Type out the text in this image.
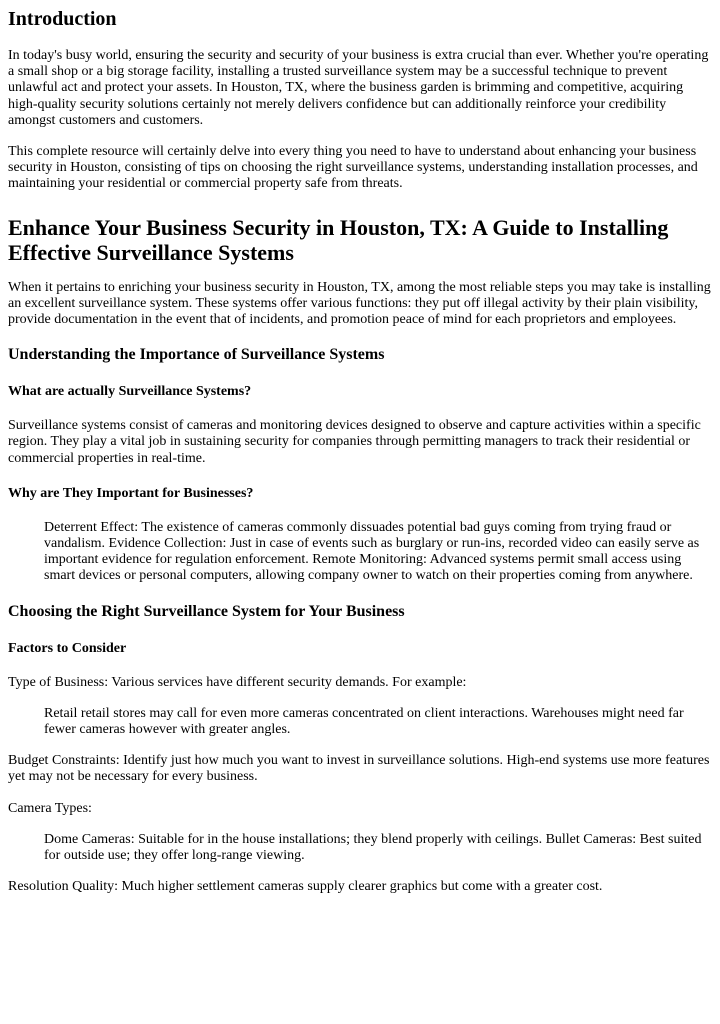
Introduction

In today's busy world, ensuring the security and security of your business is extra crucial than ever. Whether you're operating a small shop or a big storage facility, installing a trusted surveillance system may be a successful technique to prevent unlawful act and protect your assets. In Houston, TX, where the business garden is brimming and competitive, acquiring high-quality security solutions certainly not merely delivers confidence but can additionally reinforce your credibility amongst customers and customers.

This complete resource will certainly delve into every thing you need to have to understand about enhancing your business security in Houston, consisting of tips on choosing the right surveillance systems, understanding installation processes, and maintaining your residential or commercial property safe from threats.

Enhance Your Business Security in Houston, TX: A Guide to Installing Effective Surveillance Systems

When it pertains to enriching your business security in Houston, TX, among the most reliable steps you may take is installing an excellent surveillance system. These systems offer various functions: they put off illegal activity by their plain visibility, provide documentation in the event that of incidents, and promotion peace of mind for each proprietors and employees.

Understanding the Importance of Surveillance Systems
What are actually Surveillance Systems?

Surveillance systems consist of cameras and monitoring devices designed to observe and capture activities within a specific region. They play a vital job in sustaining security for companies through permitting managers to track their residential or commercial properties in real-time.

Why are They Important for Businesses?
Deterrent Effect: The existence of cameras commonly dissuades potential bad guys coming from trying fraud or vandalism. Evidence Collection: Just in case of events such as burglary or run-ins, recorded video can easily serve as important evidence for regulation enforcement. Remote Monitoring: Advanced systems permit small access using smart devices or personal computers, allowing company owner to watch on their properties coming from anywhere.
Choosing the Right Surveillance System for Your Business
Factors to Consider

Type of Business: Various services have different security demands. For example:

Retail retail stores may call for even more cameras concentrated on client interactions. Warehouses might need far fewer cameras however with greater angles.

Budget Constraints: Identify just how much you want to invest in surveillance solutions. High-end systems use more features yet may not be necessary for every business.

Camera Types:

Dome Cameras: Suitable for in the house installations; they blend properly with ceilings. Bullet Cameras: Best suited for outside use; they offer long-range viewing.

Resolution Quality: Much higher settlement cameras supply clearer graphics but come with a greater cost.
